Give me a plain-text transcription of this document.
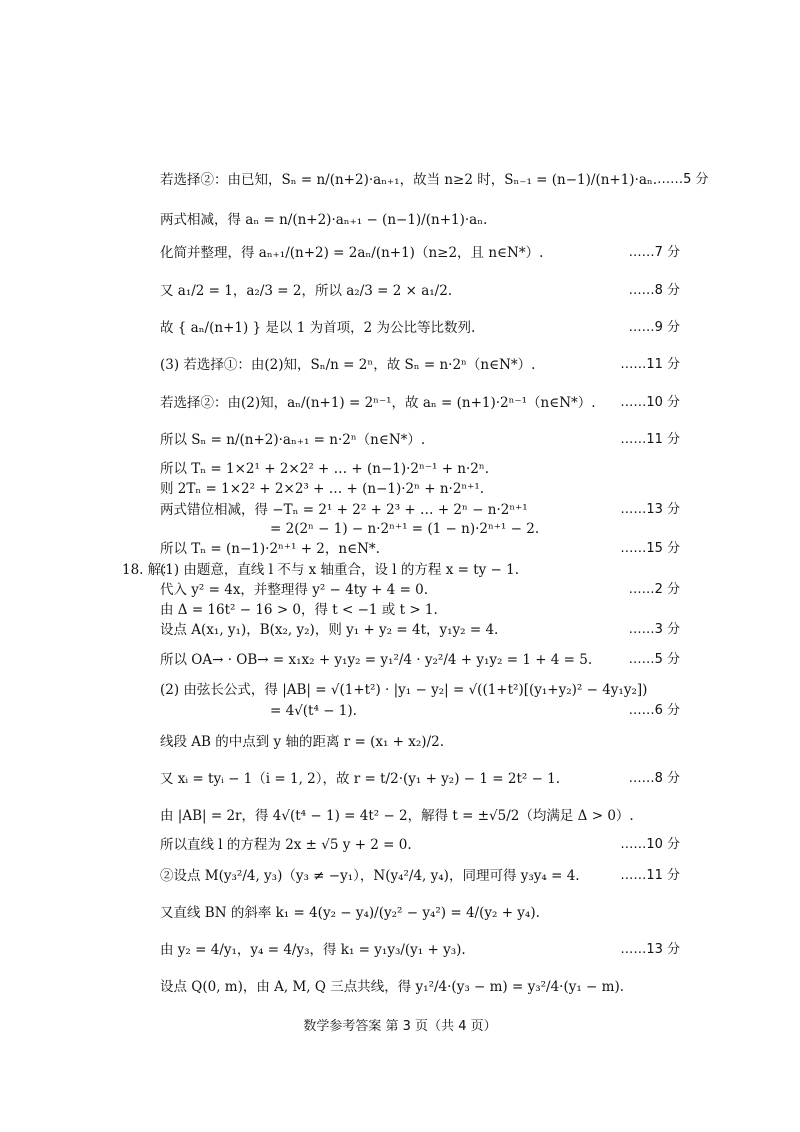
若选择②：由已知，Sₙ = n/(n+2)·aₙ₊₁，故当 n≥2 时，Sₙ₋₁ = (n−1)/(n+1)·aₙ. ……5 分
两式相减，得 aₙ = n/(n+2)·aₙ₊₁ − (n−1)/(n+1)·aₙ.
化简并整理，得 aₙ₊₁/(n+2) = 2aₙ/(n+1)（n≥2，且 n∈N*）.	……7 分
又 a₁/2 = 1，a₂/3 = 2，所以 a₂/3 = 2 × a₁/2.	……8 分
故 { aₙ/(n+1) } 是以 1 为首项，2 为公比等比数列.	……9 分
(3) 若选择①：由(2)知，Sₙ/n = 2ⁿ，故 Sₙ = n·2ⁿ（n∈N*）.	……11 分
若选择②：由(2)知，aₙ/(n+1) = 2ⁿ⁻¹，故 aₙ = (n+1)·2ⁿ⁻¹（n∈N*）. ……10 分
所以 Sₙ = n/(n+2)·aₙ₊₁ = n·2ⁿ（n∈N*）.	……11 分
所以 Tₙ = 1×2¹ + 2×2² + … + (n−1)·2ⁿ⁻¹ + n·2ⁿ.
则 2Tₙ = 1×2² + 2×2³ + … + (n−1)·2ⁿ + n·2ⁿ⁺¹.
两式错位相减，得 −Tₙ = 2¹ + 2² + 2³ + … + 2ⁿ − n·2ⁿ⁺¹	……13 分
= 2(2ⁿ − 1) − n·2ⁿ⁺¹ = (1 − n)·2ⁿ⁺¹ − 2.
所以 Tₙ = (n−1)·2ⁿ⁺¹ + 2，n∈N*.	……15 分
18. 解：
(1) 由题意，直线 l 不与 x 轴重合，设 l 的方程 x = ty − 1.
代入 y² = 4x，并整理得 y² − 4ty + 4 = 0.	……2 分
由 Δ = 16t² − 16 > 0，得 t < −1 或 t > 1.
设点 A(x₁, y₁)，B(x₂, y₂)，则 y₁ + y₂ = 4t，y₁y₂ = 4.	……3 分
所以 OA→ · OB→ = x₁x₂ + y₁y₂ = y₁²/4 · y₂²/4 + y₁y₂ = 1 + 4 = 5.	……5 分
(2) 由弦长公式，得 |AB| = √(1+t²) · |y₁ − y₂| = √((1+t²)[(y₁+y₂)² − 4y₁y₂])
= 4√(t⁴ − 1).	……6 分
线段 AB 的中点到 y 轴的距离 r = (x₁ + x₂)/2.
又 xᵢ = tyᵢ − 1（i = 1, 2），故 r = t/2·(y₁ + y₂) − 1 = 2t² − 1.	……8 分
由 |AB| = 2r，得 4√(t⁴ − 1) = 4t² − 2，解得 t = ±√5/2（均满足 Δ > 0）.
所以直线 l 的方程为 2x ± √5 y + 2 = 0.	……10 分
②设点 M(y₃²/4, y₃)（y₃ ≠ −y₁），N(y₄²/4, y₄)，同理可得 y₃y₄ = 4.	……11 分
又直线 BN 的斜率 k₁ = 4(y₂ − y₄)/(y₂² − y₄²) = 4/(y₂ + y₄).
由 y₂ = 4/y₁，y₄ = 4/y₃，得 k₁ = y₁y₃/(y₁ + y₃).	……13 分
设点 Q(0, m)，由 A, M, Q 三点共线，得 y₁²/4·(y₃ − m) = y₃²/4·(y₁ − m).
数学参考答案 第 3 页（共 4 页）
